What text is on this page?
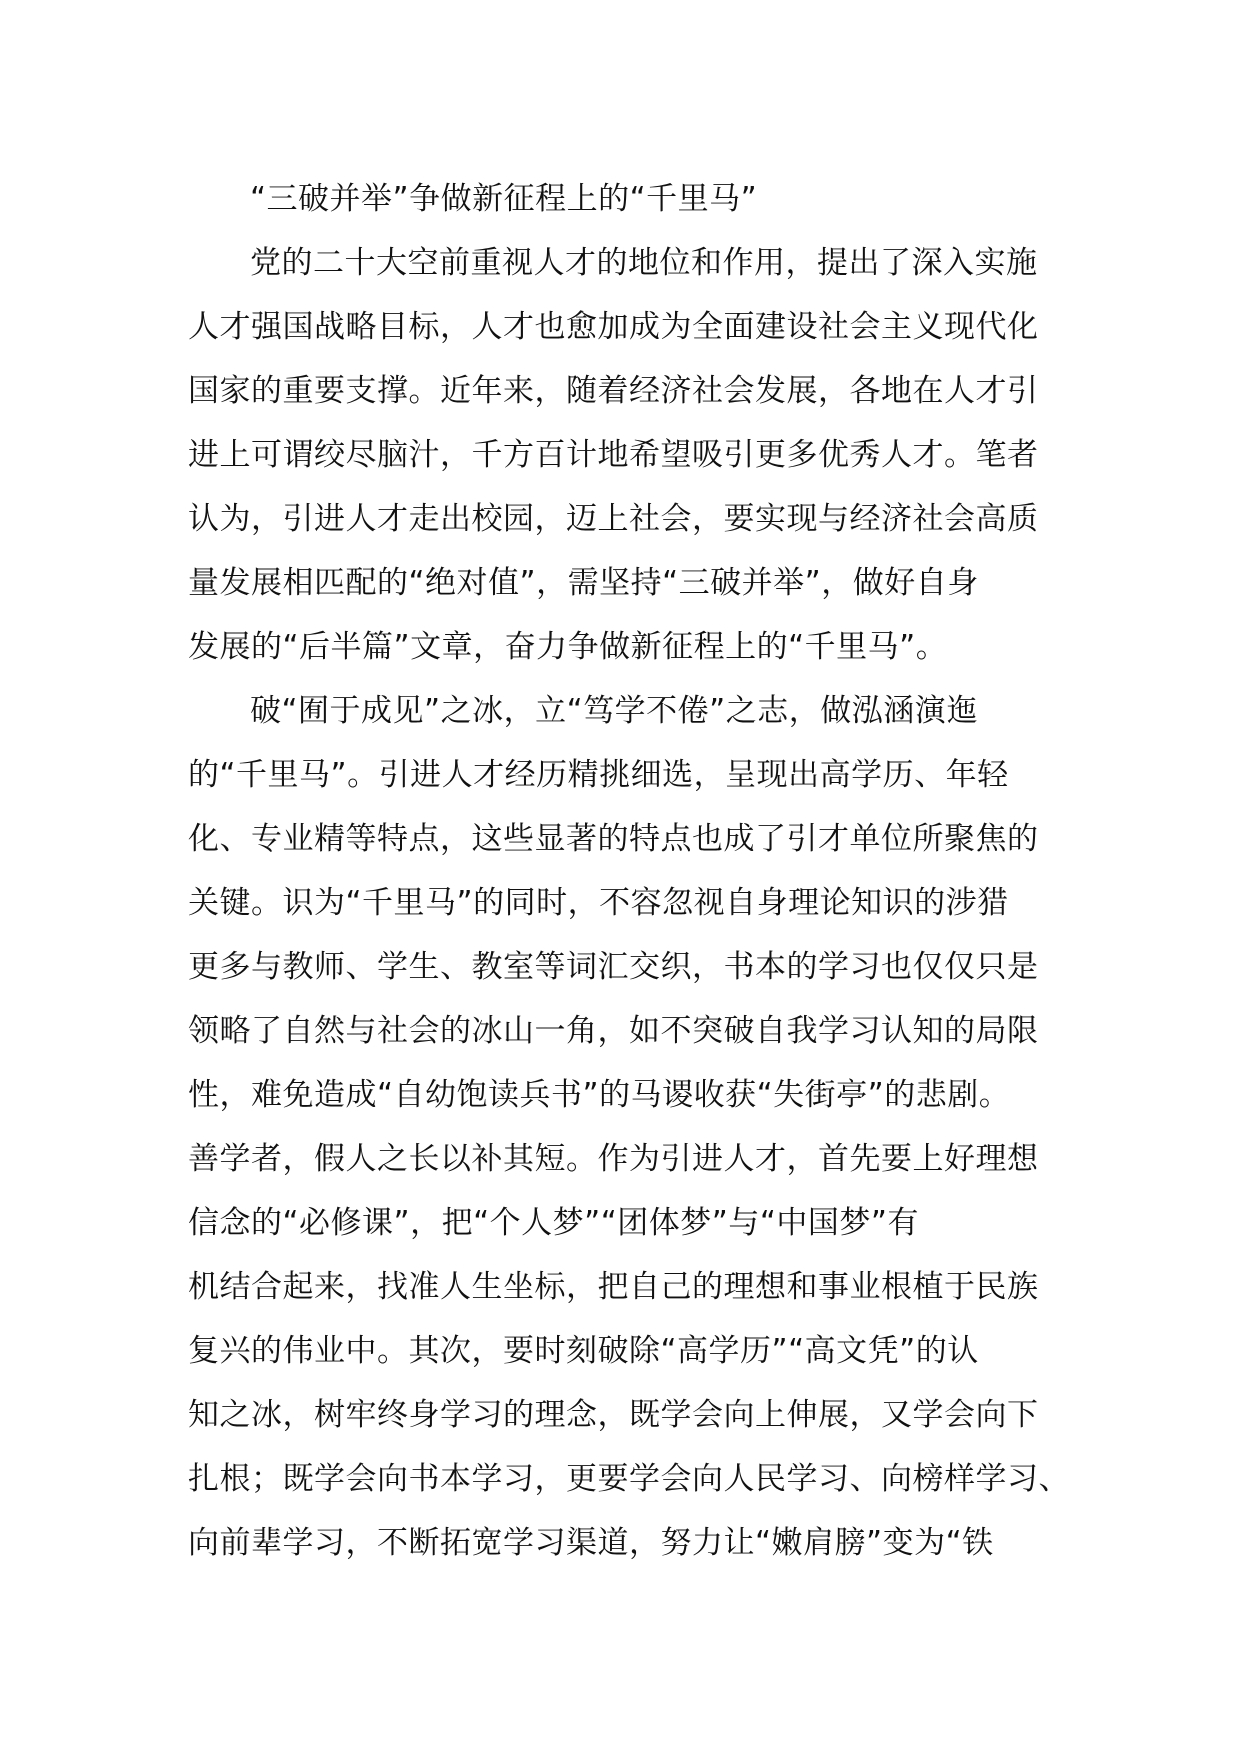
“三破并举”争做新征程上的“千里马”
党的二十大空前重视人才的地位和作用，提出了深入实施
人才强国战略目标，人才也愈加成为全面建设社会主义现代化
国家的重要支撑。近年来，随着经济社会发展，各地在人才引
进上可谓绞尽脑汁，千方百计地希望吸引更多优秀人才。笔者
认为，引进人才走出校园，迈上社会，要实现与经济社会高质
量发展相匹配的“绝对值”，需坚持“三破并举”，做好自身
发展的“后半篇”文章，奋力争做新征程上的“千里马”。
破“囿于成见”之冰，立“笃学不倦”之志，做泓涵演迤
的“千里马”。引进人才经历精挑细选，呈现出高学历、年轻
化、专业精等特点，这些显著的特点也成了引才单位所聚焦的
关键。识为“千里马”的同时，不容忽视自身理论知识的涉猎
更多与教师、学生、教室等词汇交织，书本的学习也仅仅只是
领略了自然与社会的冰山一角，如不突破自我学习认知的局限
性，难免造成“自幼饱读兵书”的马谡收获“失街亭”的悲剧。
善学者，假人之长以补其短。作为引进人才，首先要上好理想
信念的“必修课”，把“个人梦”“团体梦”与“中国梦”有
机结合起来，找准人生坐标，把自己的理想和事业根植于民族
复兴的伟业中。其次，要时刻破除“高学历”“高文凭”的认
知之冰，树牢终身学习的理念，既学会向上伸展，又学会向下
扎根；既学会向书本学习，更要学会向人民学习、向榜样学习、
向前辈学习，不断拓宽学习渠道，努力让“嫩肩膀”变为“铁
